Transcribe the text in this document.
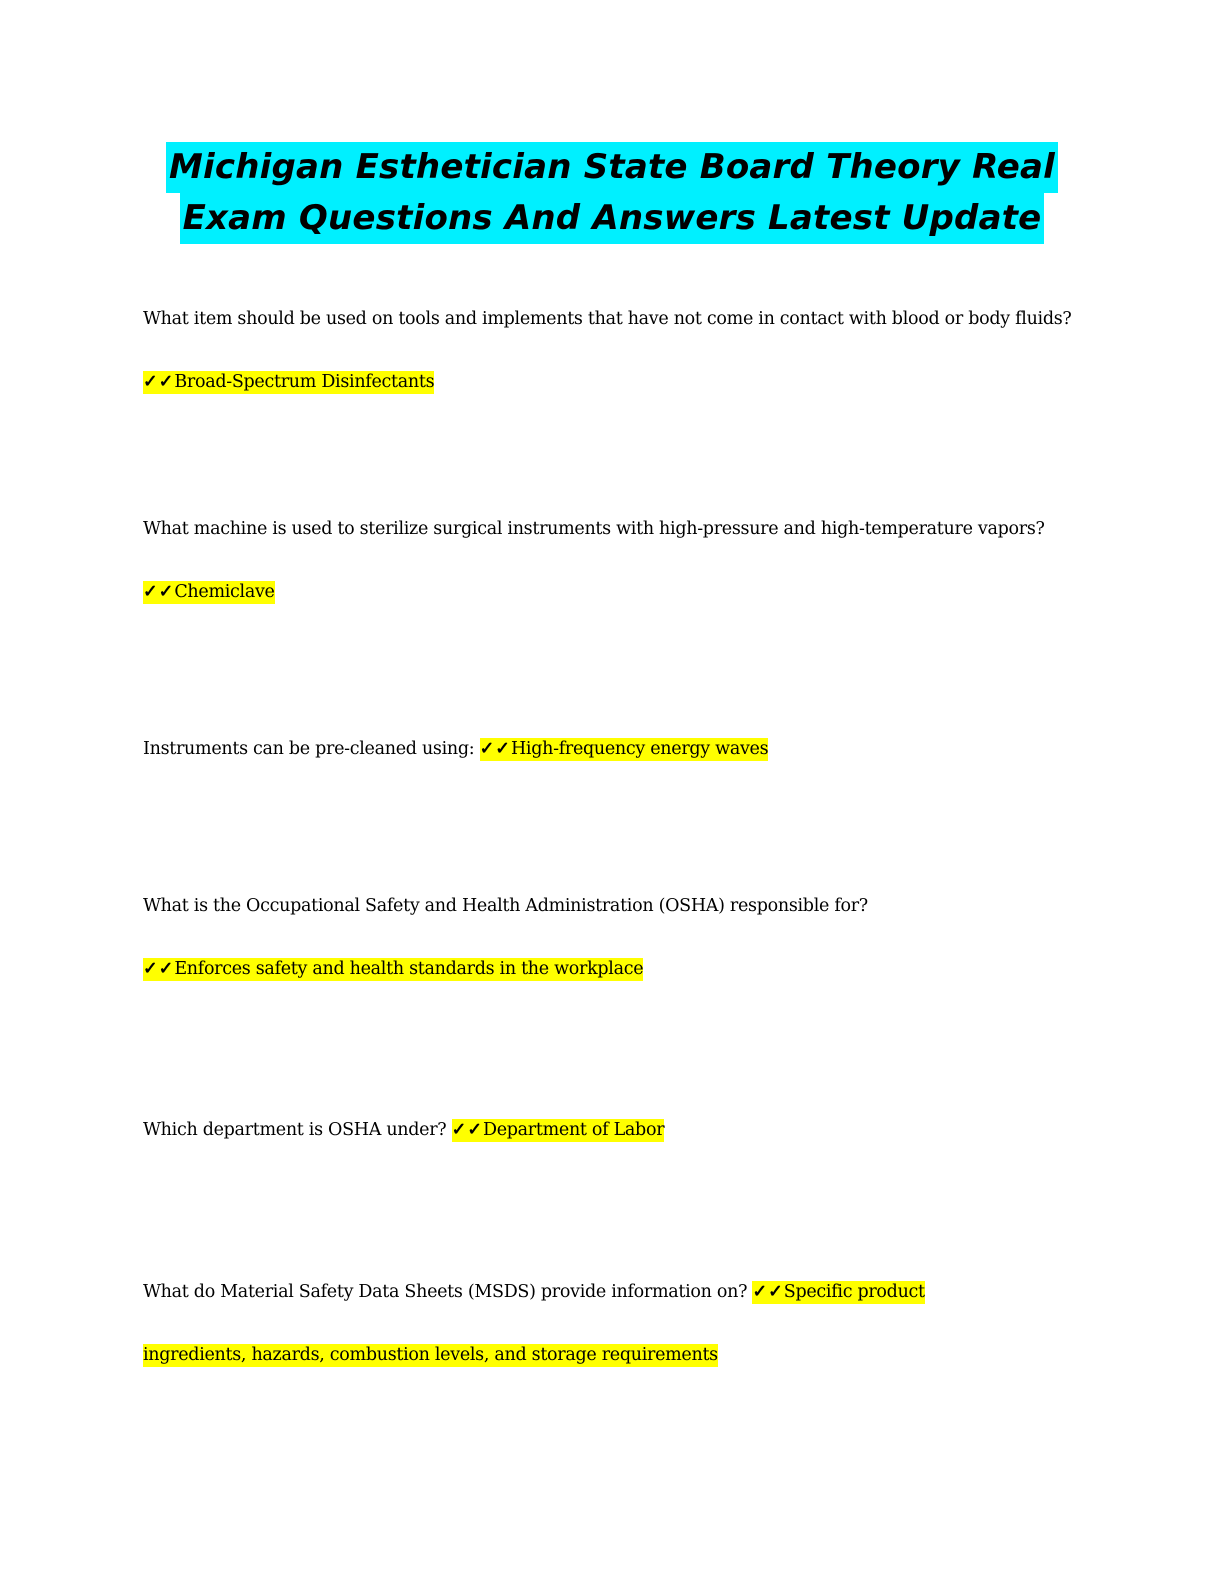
Michigan Esthetician State Board Theory Real
Exam Questions And Answers Latest Update
What item should be used on tools and implements that have not come in contact with blood or body fluids?
✓✓Broad-Spectrum Disinfectants
What machine is used to sterilize surgical instruments with high-pressure and high-temperature vapors?
✓✓Chemiclave
Instruments can be pre-cleaned using: ✓✓High-frequency energy waves
What is the Occupational Safety and Health Administration (OSHA) responsible for?
✓✓Enforces safety and health standards in the workplace
Which department is OSHA under? ✓✓Department of Labor
What do Material Safety Data Sheets (MSDS) provide information on? ✓✓Specific product
ingredients, hazards, combustion levels, and storage requirements
